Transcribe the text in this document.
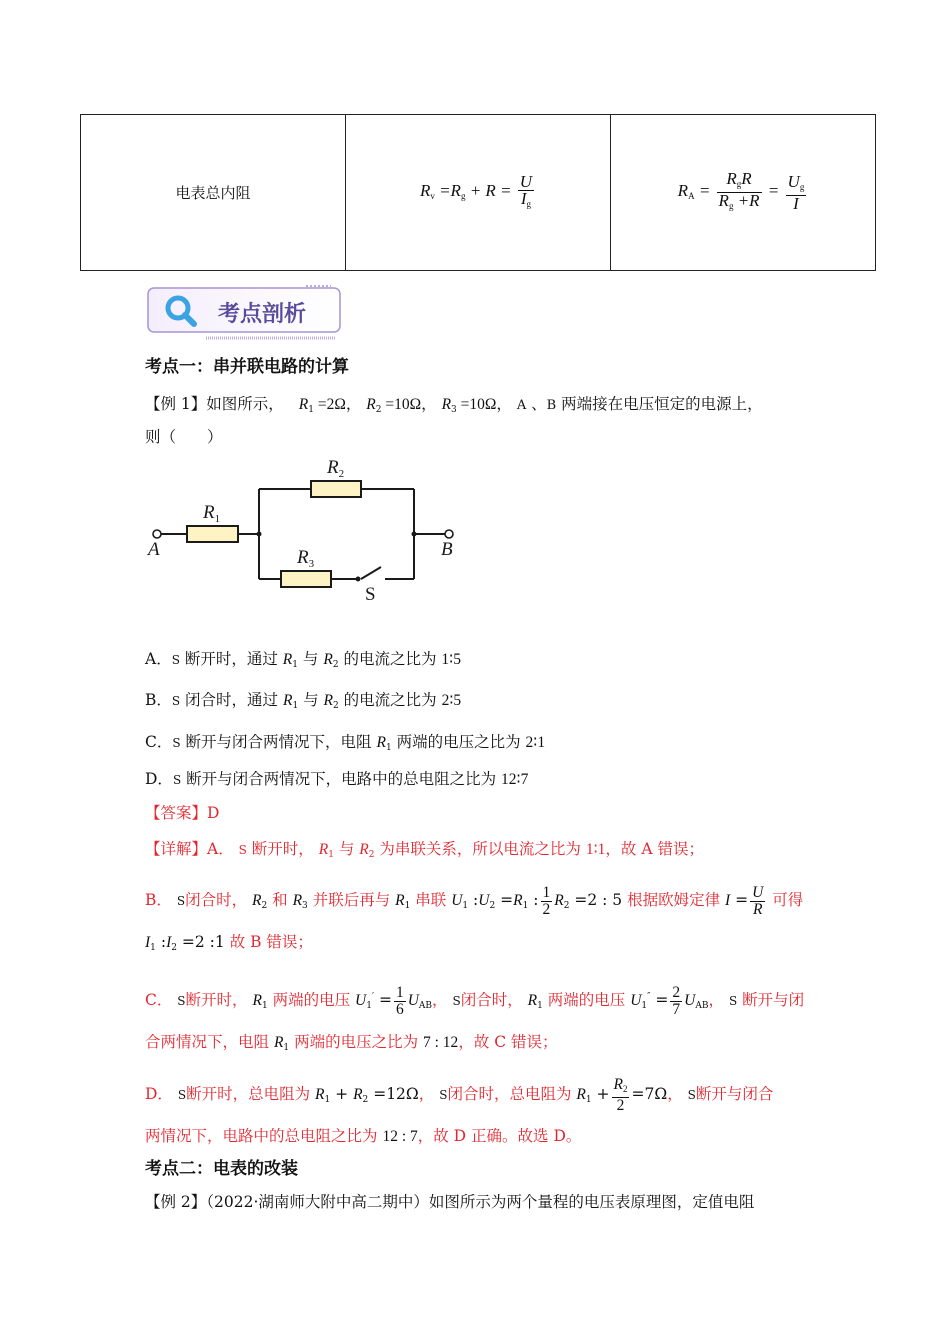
电表总内阻	$R_v =R_g + R = \frac{U}{I_g}$	$R_A = \frac{R_gR}{R_g +R} = \frac{U_g}{I}$
考点剖析
考点一：串并联电路的计算
【例 1】如图所示， $R_1 =2\Omega$， $R_2 =10\Omega$， $R_3 =10\Omega$， A 、B 两端接在电压恒定的电源上，
则（　　）
$R_1$
$R_2$
$R_3$
A	B
S
A．S 断开时，通过 $R_1$ 与 $R_2$ 的电流之比为 1∶5
B．S 闭合时，通过 $R_1$ 与 $R_2$ 的电流之比为 2∶5
C．S 断开与闭合两情况下，电阻 $R_1$ 两端的电压之比为 2∶1
D．S 断开与闭合两情况下，电路中的总电阻之比为 12∶7
【答案】D
【详解】A． S 断开时， $R_1$ 与 $R_2$ 为串联关系，所以电流之比为 1∶1，故 A 错误；
B． S闭合时， $R_2$ 和 $R_3$ 并联后再与 $R_1$ 串联 $U_1$ $:U_2 =R_1$ : $\frac{1}{2} R_2 =2$ : 5 根据欧姆定律 $I = \frac{U}{R}$ 可得
$I_1$ $:I_2 =2$ :1 故 B 错误；
C． S断开时， $R_1$ 两端的电压 $U_1' = \frac{1}{6} U_{AB}$， S闭合时， $R_1$ 两端的电压 $U_1'' = \frac{2}{7} U_{AB}$， S 断开与闭
合两情况下，电阻 $R_1$ 两端的电压之比为 7 : 12，故 C 错误；
D． S断开时，总电阻为 $R_1 + R_2 =12\Omega$， S闭合时，总电阻为 $R_1 + \frac{R_2}{2} =7\Omega$， S断开与闭合
两情况下，电路中的总电阻之比为 12 : 7，故 D 正确。故选 D。
考点二：电表的改装
【例 2】（2022·湖南师大附中高二期中）如图所示为两个量程的电压表原理图，定值电阻
